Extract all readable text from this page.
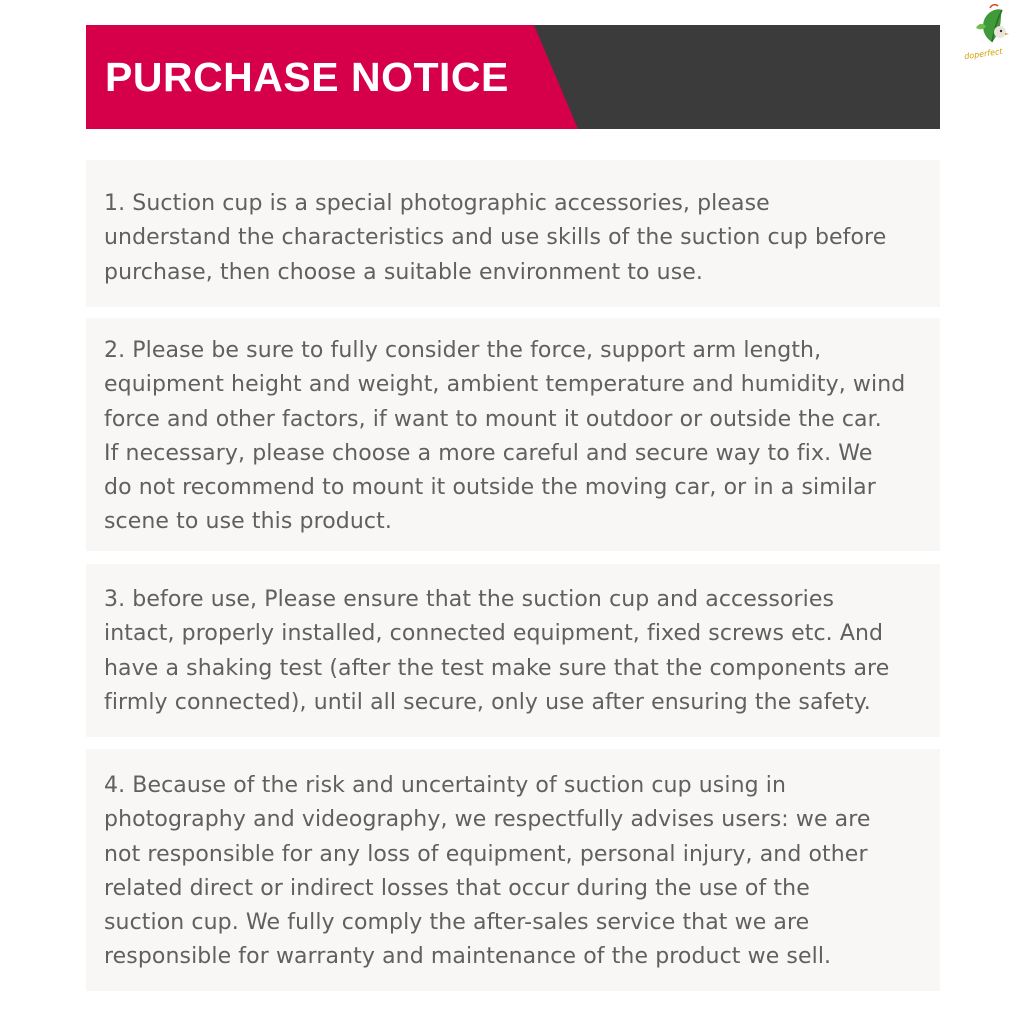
PURCHASE NOTICE
doperfect

1. Suction cup is a special photographic accessories, please
understand the characteristics and use skills of the suction cup before
purchase, then choose a suitable environment to use.

2. Please be sure to fully consider the force, support arm length,
equipment height and weight, ambient temperature and humidity, wind
force and other factors, if want to mount it outdoor or outside the car.
If necessary, please choose a more careful and secure way to fix. We
do not recommend to mount it outside the moving car, or in a similar
scene to use this product.

3. before use, Please ensure that the suction cup and accessories
intact, properly installed, connected equipment, fixed screws etc. And
have a shaking test (after the test make sure that the components are
firmly connected), until all secure, only use after ensuring the safety.

4. Because of the risk and uncertainty of suction cup using in
photography and videography, we respectfully advises users: we are
not responsible for any loss of equipment, personal injury, and other
related direct or indirect losses that occur during the use of the
suction cup. We fully comply the after-sales service that we are
responsible for warranty and maintenance of the product we sell.
